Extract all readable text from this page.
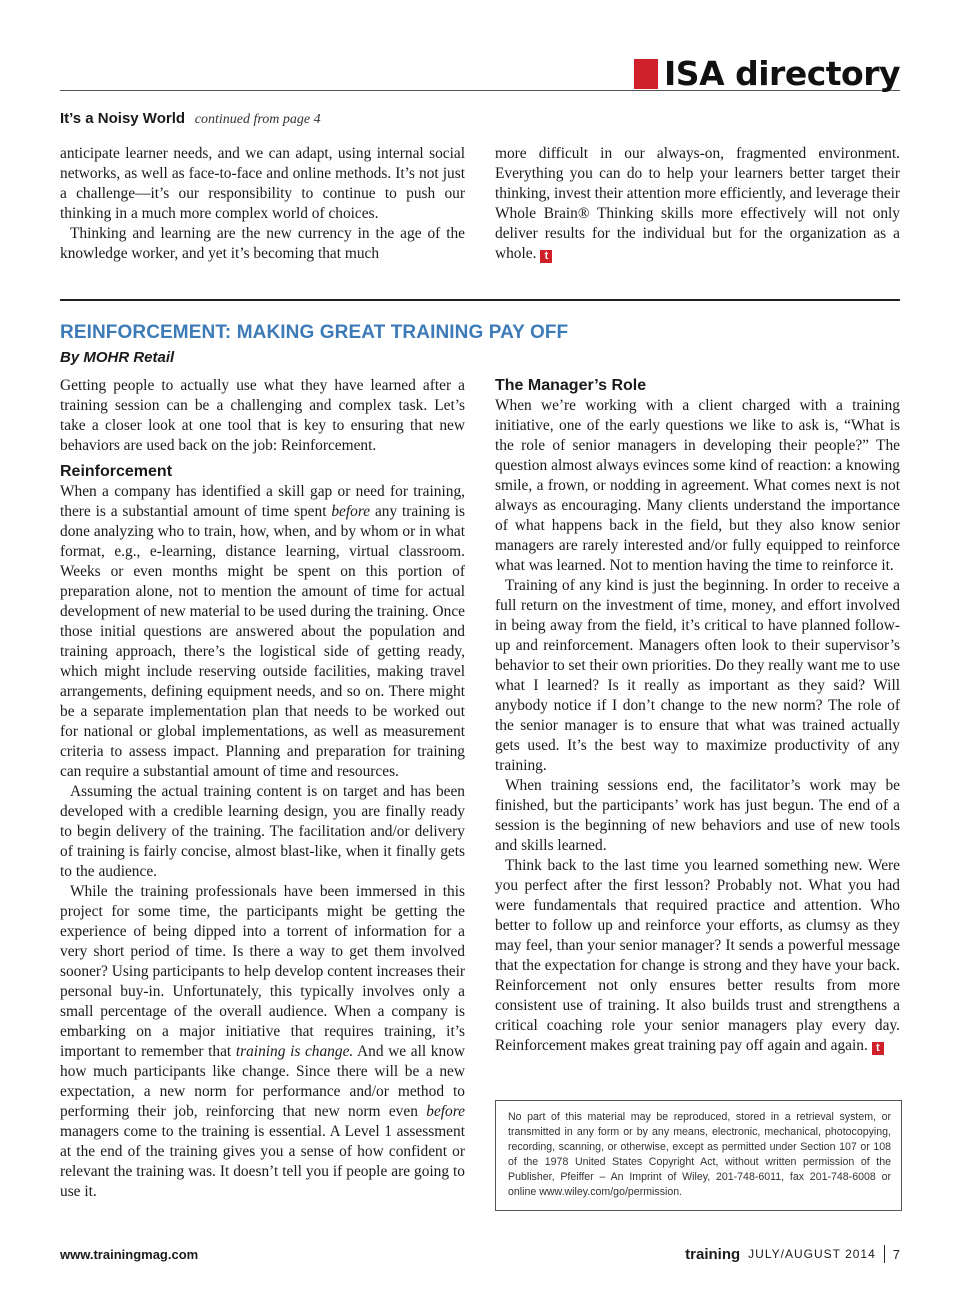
ISA directory
It’s a Noisy World continued from page 4

anticipate learner needs, and we can adapt, using internal social networks, as well as face-to-face and online methods. It’s not just a challenge—it’s our responsibility to continue to push our thinking in a much more complex world of choices.

Thinking and learning are the new currency in the age of the knowledge worker, and yet it’s becoming that much

more difficult in our always-on, fragmented environment. Everything you can do to help your learners better target their thinking, invest their attention more efficiently, and leverage their Whole Brain® Thinking skills more effectively will not only deliver results for the individual but for the organization as a whole. t

REINFORCEMENT: MAKING GREAT TRAINING PAY OFF
By MOHR Retail

Getting people to actually use what they have learned after a training session can be a challenging and complex task. Let’s take a closer look at one tool that is key to ensuring that new behaviors are used back on the job: Reinforcement.

Reinforcement

When a company has identified a skill gap or need for training, there is a substantial amount of time spent before any training is done analyzing who to train, how, when, and by whom or in what format, e.g., e-learning, distance learning, virtual classroom. Weeks or even months might be spent on this portion of preparation alone, not to mention the amount of time for actual development of new material to be used during the training. Once those initial questions are answered about the population and training approach, there’s the logistical side of getting ready, which might include reserving outside facilities, making travel arrangements, defining equipment needs, and so on. There might be a separate implementation plan that needs to be worked out for national or global implementations, as well as measurement criteria to assess impact. Planning and preparation for training can require a substantial amount of time and resources.

Assuming the actual training content is on target and has been developed with a credible learning design, you are finally ready to begin delivery of the training. The facilitation and/or delivery of training is fairly concise, almost blast-like, when it finally gets to the audience.

While the training professionals have been immersed in this project for some time, the participants might be getting the experience of being dipped into a torrent of information for a very short period of time. Is there a way to get them involved sooner? Using participants to help develop content increases their personal buy-in. Unfortunately, this typically involves only a small percentage of the overall audience. When a company is embarking on a major initiative that requires training, it’s important to remember that training is change. And we all know how much participants like change. Since there will be a new expectation, a new norm for performance and/or method to performing their job, reinforcing that new norm even before managers come to the training is essential. A Level 1 assessment at the end of the training gives you a sense of how confident or relevant the training was. It doesn’t tell you if people are going to use it.

The Manager’s Role

When we’re working with a client charged with a training initiative, one of the early questions we like to ask is, “What is the role of senior managers in developing their people?” The question almost always evinces some kind of reaction: a knowing smile, a frown, or nodding in agreement. What comes next is not always as encouraging. Many clients understand the importance of what happens back in the field, but they also know senior managers are rarely interested and/or fully equipped to reinforce what was learned. Not to mention having the time to reinforce it.

Training of any kind is just the beginning. In order to receive a full return on the investment of time, money, and effort involved in being away from the field, it’s critical to have planned follow-up and reinforcement. Managers often look to their supervisor’s behavior to set their own priorities. Do they really want me to use what I learned? Is it really as important as they said? Will anybody notice if I don’t change to the new norm? The role of the senior manager is to ensure that what was trained actually gets used. It’s the best way to maximize productivity of any training.

When training sessions end, the facilitator’s work may be finished, but the participants’ work has just begun. The end of a session is the beginning of new behaviors and use of new tools and skills learned.

Think back to the last time you learned something new. Were you perfect after the first lesson? Probably not. What you had were fundamentals that required practice and attention. Who better to follow up and reinforce your efforts, as clumsy as they may feel, than your senior manager? It sends a powerful message that the expectation for change is strong and they have your back. Reinforcement not only ensures better results from more consistent use of training. It also builds trust and strengthens a critical coaching role your senior managers play every day. Reinforcement makes great training pay off again and again. t

No part of this material may be reproduced, stored in a retrieval system, or transmitted in any form or by any means, electronic, mechanical, photocopying, recording, scanning, or otherwise, except as permitted under Section 107 or 108 of the 1978 United States Copyright Act, without written permission of the Publisher, Pfeiffer – An Imprint of Wiley, 201-748-6011, fax 201-748-6008 or online www.wiley.com/go/permission.
www.trainingmag.com	training JULY/AUGUST 2014 7
